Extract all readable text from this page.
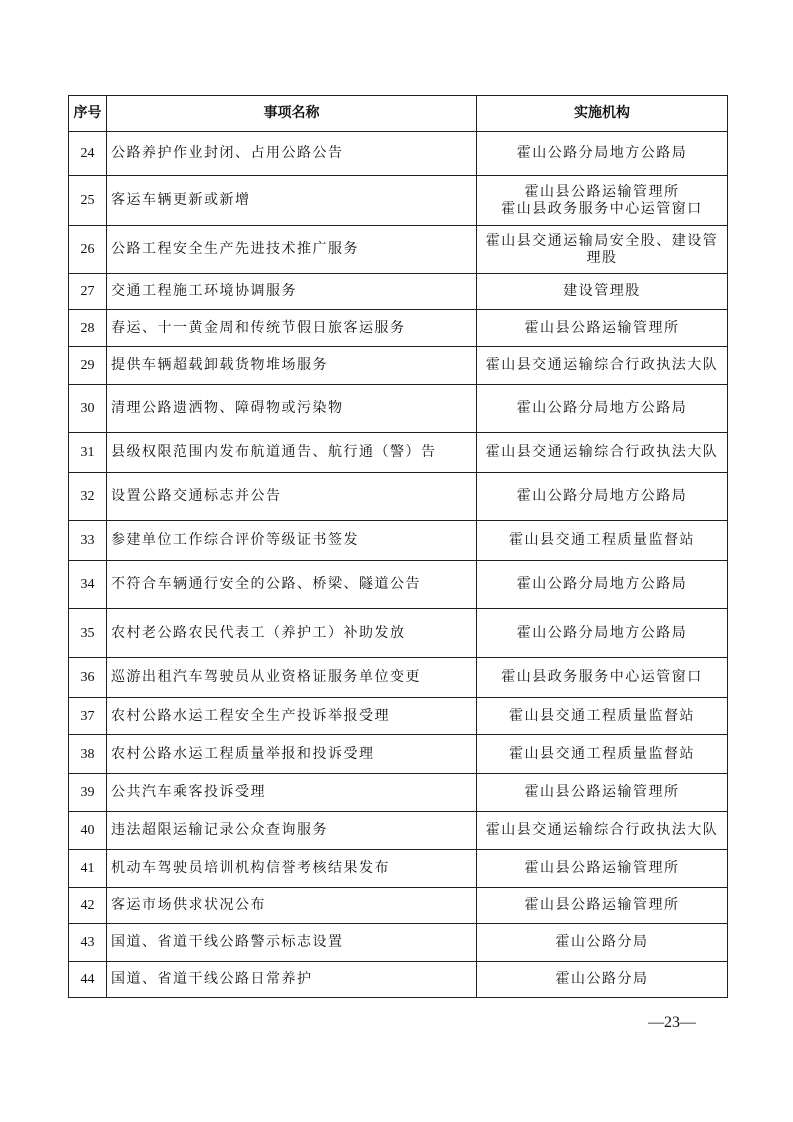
序号	事项名称	实施机构
24	公路养护作业封闭、占用公路公告	霍山公路分局地方公路局

25	客运车辆更新或新增	霍山县公路运输管理所
霍山县政务服务中心运管窗口

26	公路工程安全生产先进技术推广服务	霍山县交通运输局安全股、建设管理股

27	交通工程施工环境协调服务	建设管理股

28	春运、十一黄金周和传统节假日旅客运服务	霍山县公路运输管理所

29	提供车辆超载卸载货物堆场服务	霍山县交通运输综合行政执法大队

30	清理公路遗洒物、障碍物或污染物	霍山公路分局地方公路局

31	县级权限范围内发布航道通告、航行通（警）告	霍山县交通运输综合行政执法大队

32	设置公路交通标志并公告	霍山公路分局地方公路局

33	参建单位工作综合评价等级证书签发	霍山县交通工程质量监督站

34	不符合车辆通行安全的公路、桥梁、隧道公告	霍山公路分局地方公路局

35	农村老公路农民代表工（养护工）补助发放	霍山公路分局地方公路局

36	巡游出租汽车驾驶员从业资格证服务单位变更	霍山县政务服务中心运管窗口

37	农村公路水运工程安全生产投诉举报受理	霍山县交通工程质量监督站

38	农村公路水运工程质量举报和投诉受理	霍山县交通工程质量监督站

39	公共汽车乘客投诉受理	霍山县公路运输管理所

40	违法超限运输记录公众查询服务	霍山县交通运输综合行政执法大队

41	机动车驾驶员培训机构信誉考核结果发布	霍山县公路运输管理所

42	客运市场供求状况公布	霍山县公路运输管理所

43	国道、省道干线公路警示标志设置	霍山公路分局

44	国道、省道干线公路日常养护	霍山公路分局
—23—
